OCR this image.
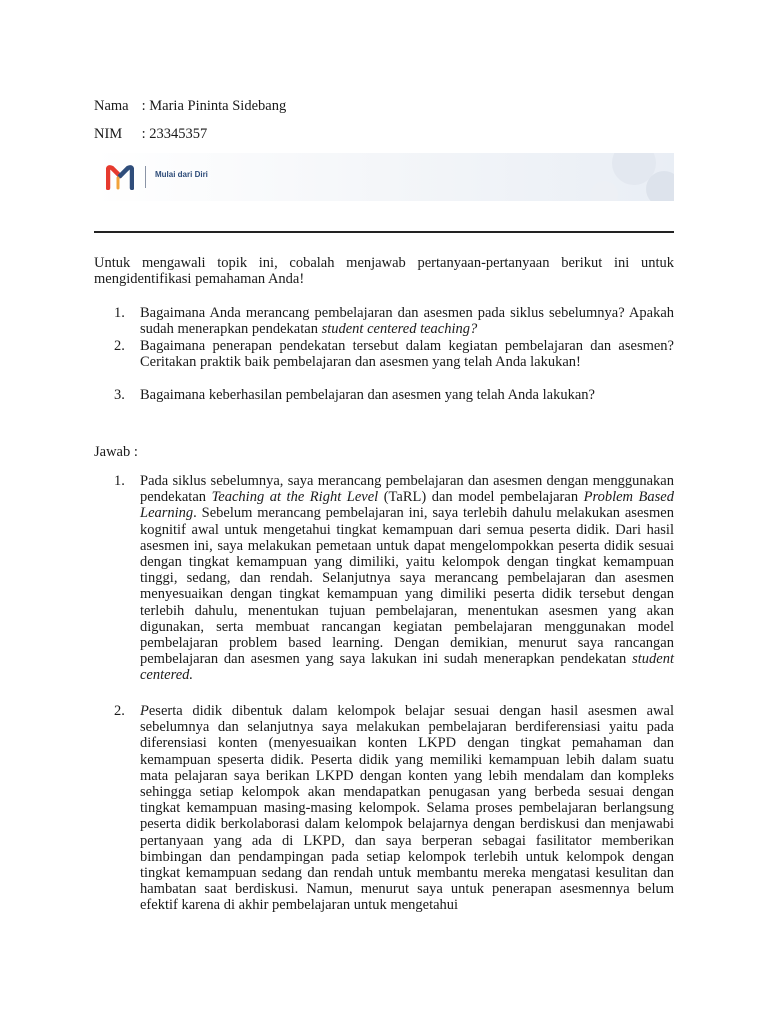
Nama : Maria Pininta Sidebang
NIM : 23345357
Mulai dari Diri

Untuk mengawali topik ini, cobalah menjawab pertanyaan-pertanyaan berikut ini untuk mengidentifikasi pemahaman Anda!

1. Bagaimana Anda merancang pembelajaran dan asesmen pada siklus sebelumnya? Apakah sudah menerapkan pendekatan student centered teaching?
2. Bagaimana penerapan pendekatan tersebut dalam kegiatan pembelajaran dan asesmen? Ceritakan praktik baik pembelajaran dan asesmen yang telah Anda lakukan!
3. Bagaimana keberhasilan pembelajaran dan asesmen yang telah Anda lakukan?
Jawab :
1. Pada siklus sebelumnya, saya merancang pembelajaran dan asesmen dengan menggunakan pendekatan Teaching at the Right Level (TaRL) dan model pembelajaran Problem Based Learning. Sebelum merancang pembelajaran ini, saya terlebih dahulu melakukan asesmen kognitif awal untuk mengetahui tingkat kemampuan dari semua peserta didik. Dari hasil asesmen ini, saya melakukan pemetaan untuk dapat mengelompokkan peserta didik sesuai dengan tingkat kemampuan yang dimiliki, yaitu kelompok dengan tingkat kemampuan tinggi, sedang, dan rendah. Selanjutnya saya merancang pembelajaran dan asesmen menyesuaikan dengan tingkat kemampuan yang dimiliki peserta didik tersebut dengan terlebih dahulu, menentukan tujuan pembelajaran, menentukan asesmen yang akan digunakan, serta membuat rancangan kegiatan pembelajaran menggunakan model pembelajaran problem based learning. Dengan demikian, menurut saya rancangan pembelajaran dan asesmen yang saya lakukan ini sudah menerapkan pendekatan student centered.
2. Peserta didik dibentuk dalam kelompok belajar sesuai dengan hasil asesmen awal sebelumnya dan selanjutnya saya melakukan pembelajaran berdiferensiasi yaitu pada diferensiasi konten (menyesuaikan konten LKPD dengan tingkat pemahaman dan kemampuan speserta didik. Peserta didik yang memiliki kemampuan lebih dalam suatu mata pelajaran saya berikan LKPD dengan konten yang lebih mendalam dan kompleks sehingga setiap kelompok akan mendapatkan penugasan yang berbeda sesuai dengan tingkat kemampuan masing-masing kelompok. Selama proses pembelajaran berlangsung peserta didik berkolaborasi dalam kelompok belajarnya dengan berdiskusi dan menjawabi pertanyaan yang ada di LKPD, dan saya berperan sebagai fasilitator memberikan bimbingan dan pendampingan pada setiap kelompok terlebih untuk kelompok dengan tingkat kemampuan sedang dan rendah untuk membantu mereka mengatasi kesulitan dan hambatan saat berdiskusi. Namun, menurut saya untuk penerapan asesmennya belum efektif karena di akhir pembelajaran untuk mengetahui
